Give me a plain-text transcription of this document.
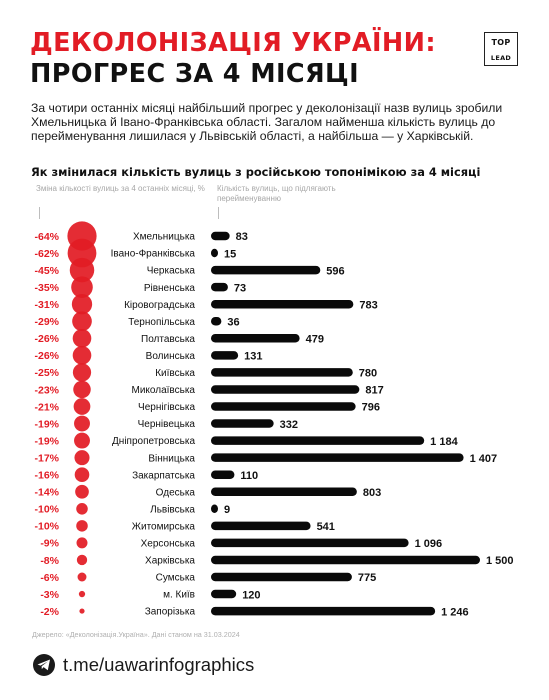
ДЕКОЛОНІЗАЦІЯ УКРАЇНИ:
ПРОГРЕС ЗА 4 МІСЯЦІ
TOP
LEAD
За чотири останніх місяці найбільший прогрес у деколонізації назв вулиць зробили Хмельницька й Івано-Франківська області. Загалом найменша кількість вулиць до перейменування лишилася у Львівській області, а найбільша — у Харківській.
Як змінилася кількість вулиць з російською топонімікою за 4 місяці
Зміна кількості вулиць за 4 останніх місяці, %	Кількість вулиць, що підлягають перейменуванню
-64%	Хмельницька	83
-62%	Івано-Франківська	15
-45%	Черкаська	596
-35%	Рівненська	73
-31%	Кіровоградська	783
-29%	Тернопільська	36
-26%	Полтавська	479
-26%	Волинська	131
-25%	Київська	780
-23%	Миколаївська	817
-21%	Чернігівська	796
-19%	Чернівецька	332
-19%	Дніпропетровська	1 184
-17%	Вінницька	1 407
-16%	Закарпатська	110
-14%	Одеська	803
-10%	Львівська	9
-10%	Житомирська	541
-9%	Херсонська	1 096
-8%	Харківська	1 500
-6%	Сумська	775
-3%	м. Київ	120
-2%	Запорізька	1 246
Джерело: «Деколонізація.Україна». Дані станом на 31.03.2024
t.me/uawarinfographics
